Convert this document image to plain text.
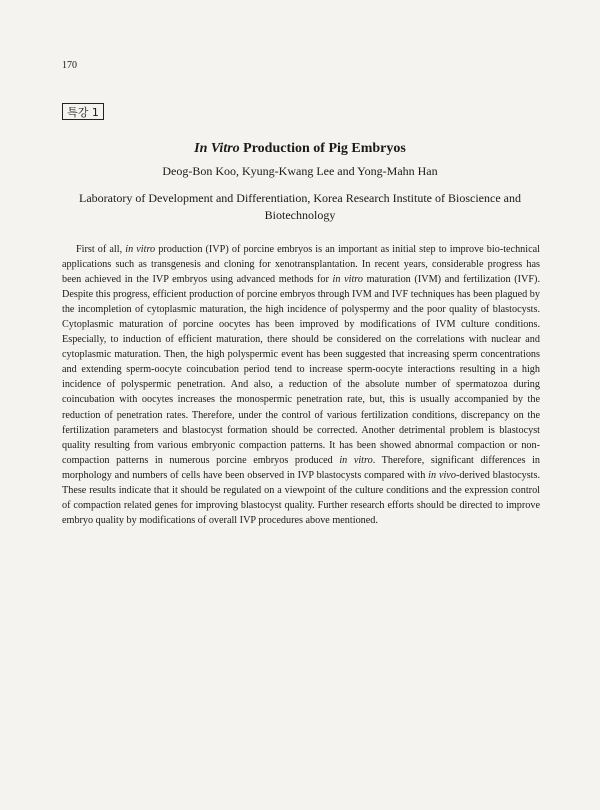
170
특강 1
In Vitro Production of Pig Embryos
Deog-Bon Koo, Kyung-Kwang Lee and Yong-Mahn Han
Laboratory of Development and Differentiation, Korea Research Institute of Bioscience and Biotechnology

First of all, in vitro production (IVP) of porcine embryos is an important as initial step to improve bio-technical applications such as transgenesis and cloning for xenotransplantation. In recent years, considerable progress has been achieved in the IVP embryos using advanced methods for in vitro maturation (IVM) and fertilization (IVF). Despite this progress, efficient production of porcine embryos through IVM and IVF techniques has been plagued by the incompletion of cytoplasmic maturation, the high incidence of polyspermy and the poor quality of blastocysts. Cytoplasmic maturation of porcine oocytes has been improved by modifications of IVM culture conditions. Especially, to induction of efficient maturation, there should be considered on the correlations with nuclear and cytoplasmic maturation. Then, the high polyspermic event has been suggested that increasing sperm concentrations and extending sperm-oocyte coincubation period tend to increase sperm-oocyte interactions resulting in a high incidence of polyspermic penetration. And also, a reduction of the absolute number of spermatozoa during coincubation with oocytes increases the monospermic penetration rate, but, this is usually accompanied by the reduction of penetration rates. Therefore, under the control of various fertilization conditions, discrepancy on the fertilization parameters and blastocyst formation should be corrected. Another detrimental problem is blastocyst quality resulting from various embryonic compaction patterns. It has been showed abnormal compaction or non-compaction patterns in numerous porcine embryos produced in vitro. Therefore, significant differences in morphology and numbers of cells have been observed in IVP blastocysts compared with in vivo-derived blastocysts. These results indicate that it should be regulated on a viewpoint of the culture conditions and the expression control of compaction related genes for improving blastocyst quality. Further research efforts should be directed to improve embryo quality by modifications of overall IVP procedures above mentioned.
